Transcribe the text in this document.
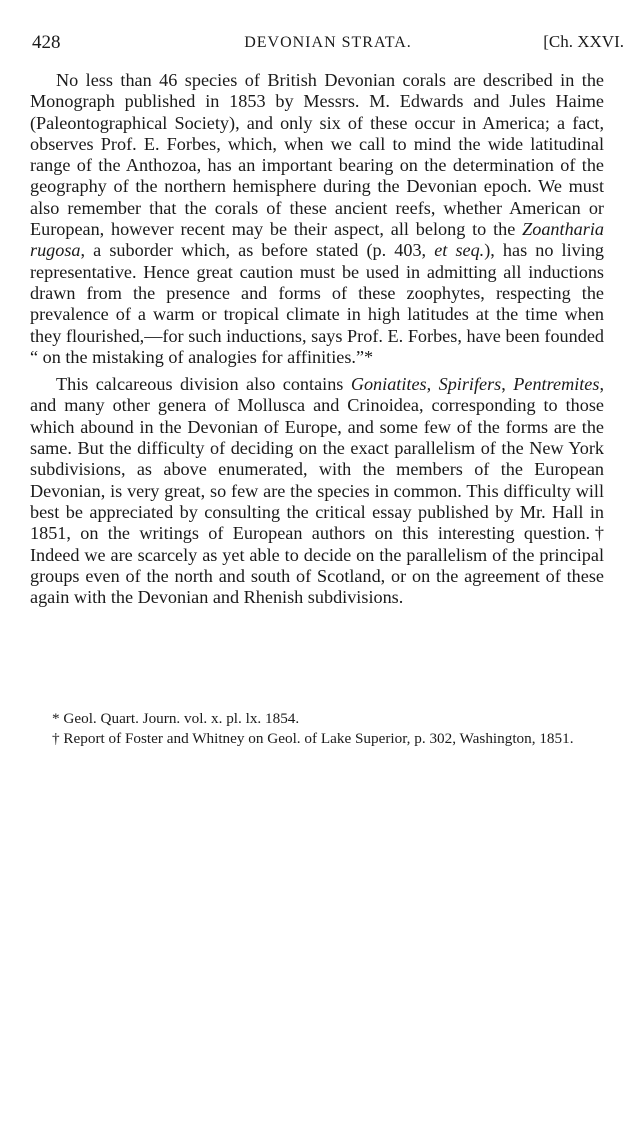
428	DEVONIAN STRATA.	[Ch. XXVI.

No less than 46 species of British Devonian corals are described in the Monograph published in 1853 by Messrs. M. Edwards and Jules Haime (Paleontographical Society), and only six of these occur in America; a fact, observes Prof. E. Forbes, which, when we call to mind the wide latitudinal range of the Anthozoa, has an important bearing on the determination of the geography of the northern hemisphere during the Devonian epoch. We must also remember that the corals of these ancient reefs, whether American or European, however recent may be their aspect, all belong to the Zoantharia rugosa, a suborder which, as before stated (p. 403, et seq.), has no living representative. Hence great caution must be used in admitting all inductions drawn from the presence and forms of these zoophytes, respecting the prevalence of a warm or tropical climate in high latitudes at the time when they flourished,—for such inductions, says Prof. E. Forbes, have been founded “ on the mistaking of analogies for affinities.”*

This calcareous division also contains Goniatites, Spirifers, Pentremites, and many other genera of Mollusca and Crinoidea, corresponding to those which abound in the Devonian of Europe, and some few of the forms are the same. But the difficulty of deciding on the exact parallelism of the New York subdivisions, as above enumerated, with the members of the European Devonian, is very great, so few are the species in common. This difficulty will best be appreciated by consulting the critical essay published by Mr. Hall in 1851, on the writings of European authors on this interesting question.† Indeed we are scarcely as yet able to decide on the parallelism of the principal groups even of the north and south of Scotland, or on the agreement of these again with the Devonian and Rhenish subdivisions.

* Geol. Quart. Journ. vol. x. pl. lx. 1854.

† Report of Foster and Whitney on Geol. of Lake Superior, p. 302, Washington, 1851.
